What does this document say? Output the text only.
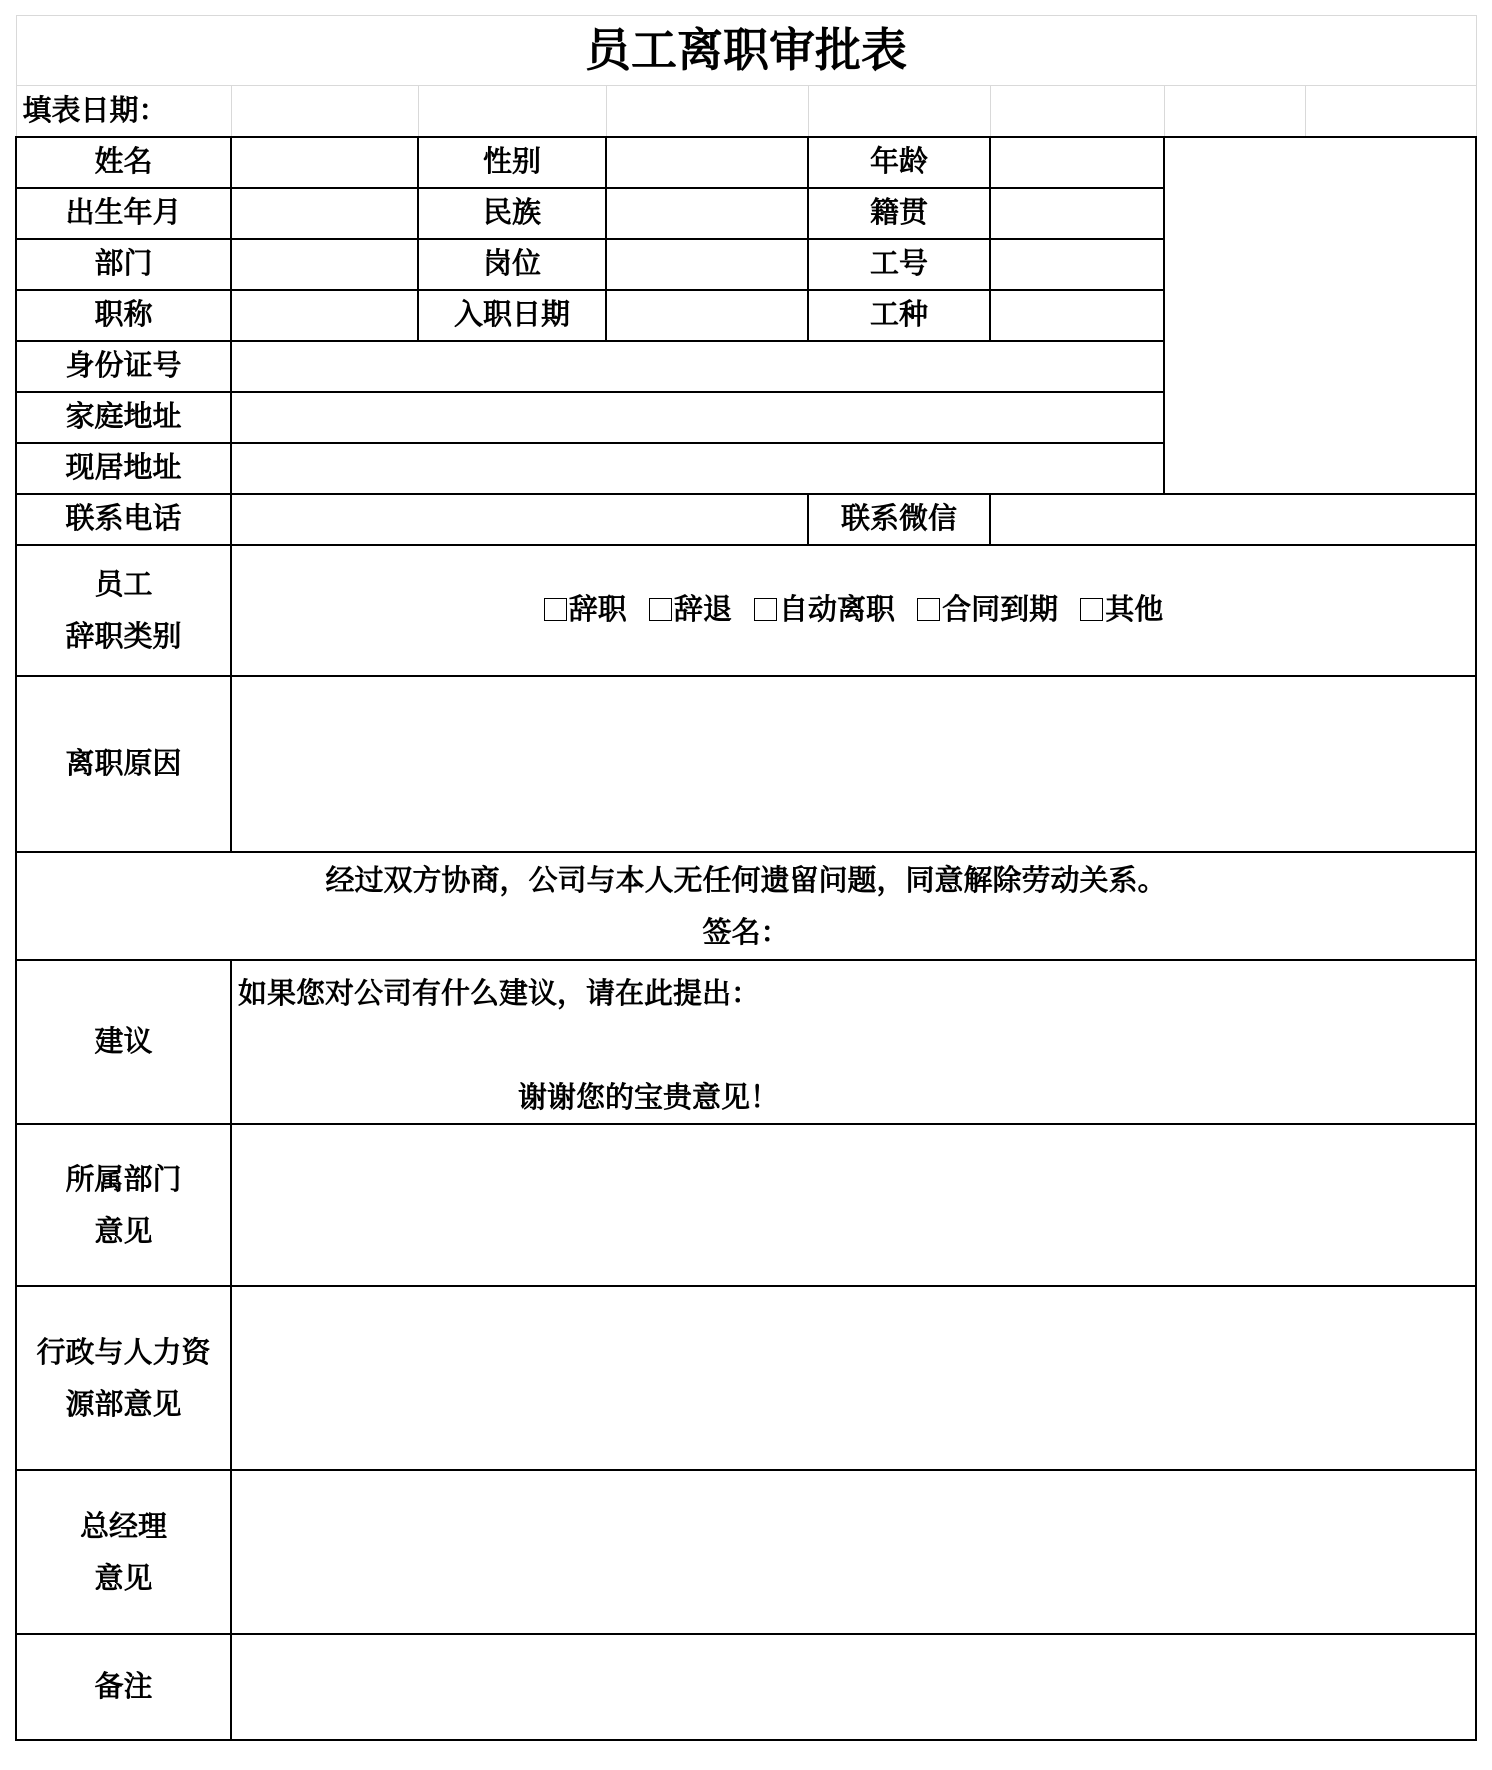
员工离职审批表							
填表日期：							
姓名		性别		年龄			
出生年月		民族		籍贯			
部门		岗位		工号			
职称		入职日期		工种			
身份证号							
家庭地址							
现居地址							
联系电话				联系微信			

员工
辞职类别	辞职 辞退 自动离职 合同到期 其他						
离职原因							

经过双方协商，公司与本人无任何遗留问题，同意解除劳动关系。
签名：							

建议	如果您对公司有什么建议，请在此提出：
谢谢您的宝贵意见！						

所属部门
意见							

行政与人力资
源部意见							

总经理
意见							

备注							
